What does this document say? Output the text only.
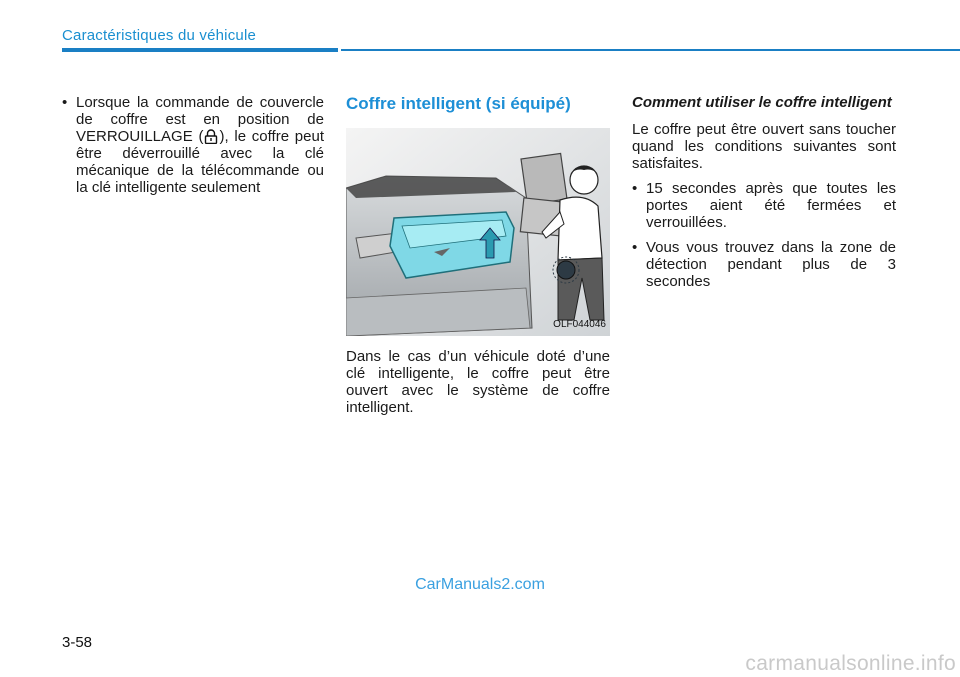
Caractéristiques du véhicule
• Lorsque la commande de couvercle de coffre est en position de VERROUILLAGE ( ), le coffre peut être déverrouillé avec la clé mécanique de la télécommande ou la clé intelligente seulement
Coffre intelligent (si équipé)
OLF044046
Dans le cas d’un véhicule doté d’une clé intelligente, le coffre peut être ouvert avec le système de coffre intelligent.
Comment utiliser le coffre intelligent
Le coffre peut être ouvert sans toucher quand les conditions suivantes sont satisfaites.
• 15 secondes après que toutes les portes aient été fermées et verrouillées.
• Vous vous trouvez dans la zone de détection pendant plus de 3 secondes
CarManuals2.com
3-58
carmanualsonline.info
